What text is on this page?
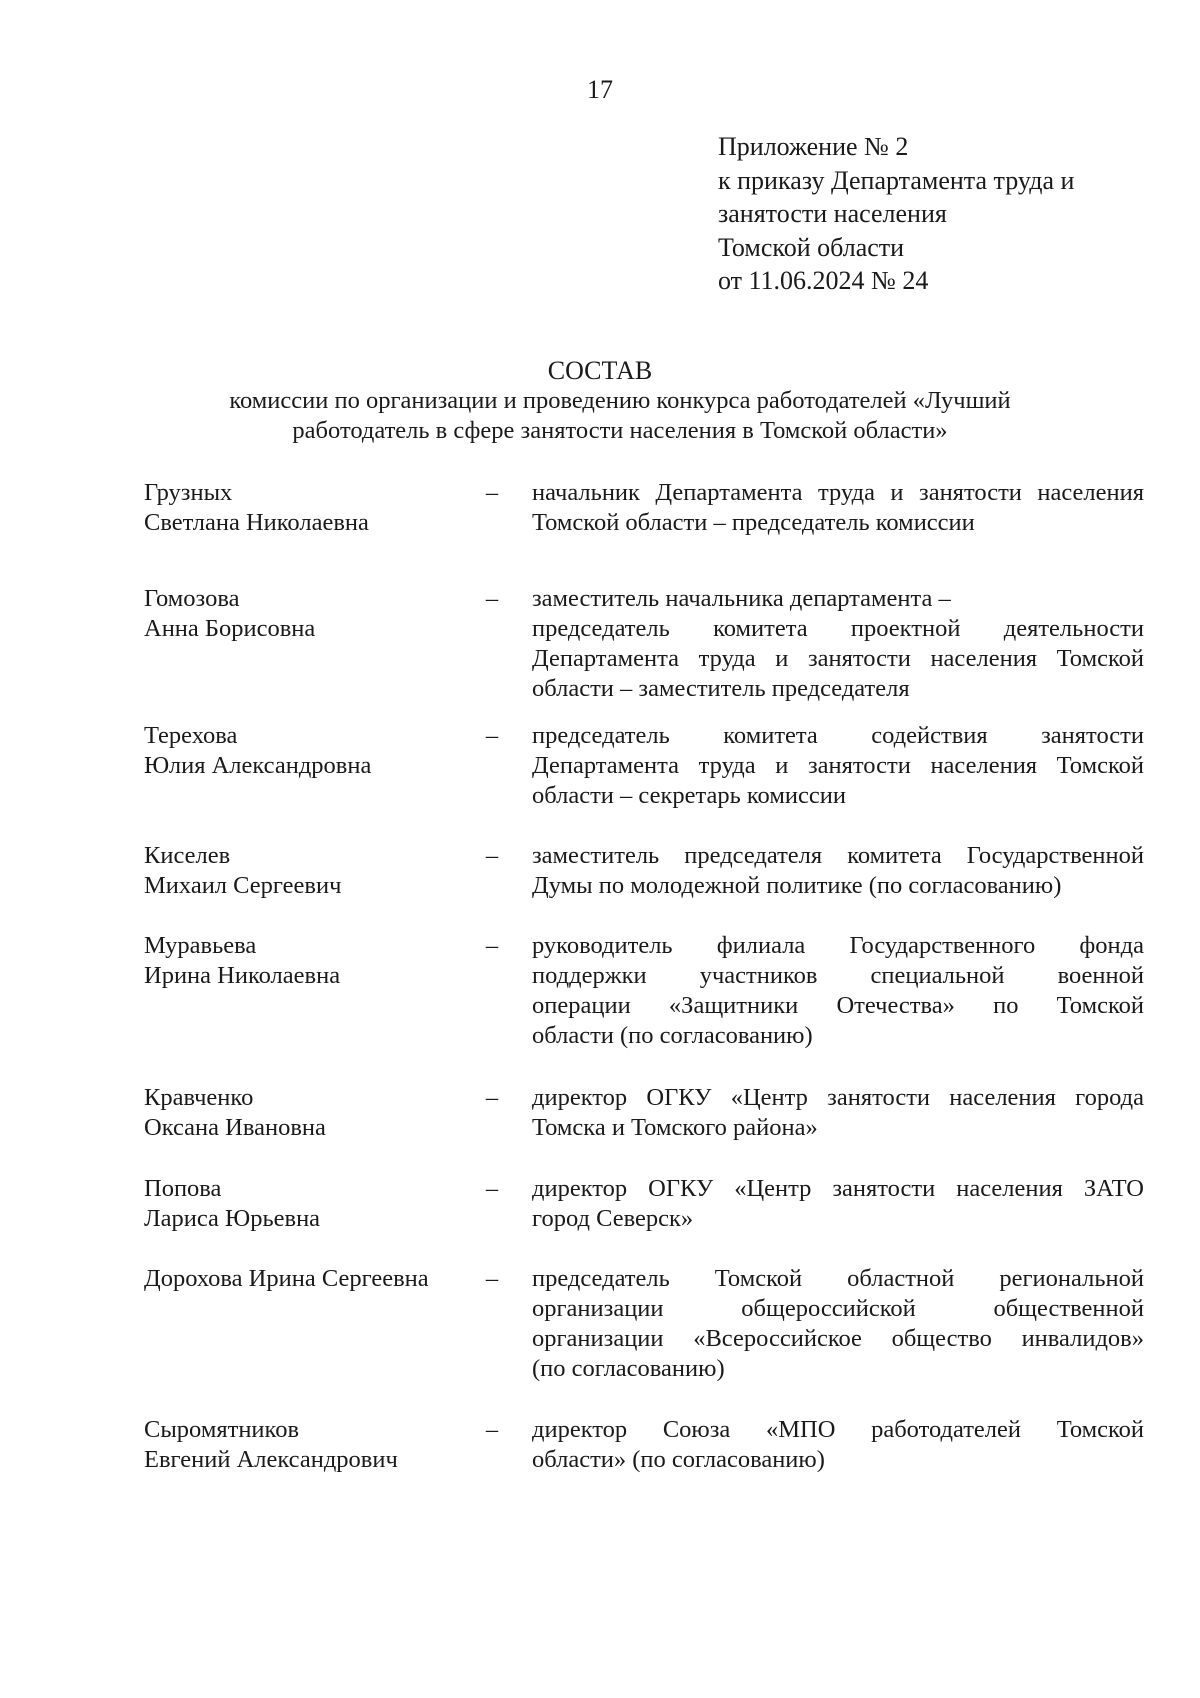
17
Приложение № 2
к приказу Департамента труда и
занятости населения
Томской области
от 11.06.2024 № 24
СОСТАВ
комиссии по организации и проведению конкурса работодателей «Лучший
работодатель в сфере занятости населения в Томской области»
Грузных
Светлана Николаевна
– начальник Департамента труда и занятости населения
Томской области – председатель комиссии
Гомозова
Анна Борисовна
– заместитель начальника департамента –
председатель комитета проектной деятельности
Департамента труда и занятости населения Томской
области – заместитель председателя
Терехова
Юлия Александровна
– председатель комитета содействия занятости
Департамента труда и занятости населения Томской
области – секретарь комиссии
Киселев
Михаил Сергеевич
– заместитель председателя комитета Государственной
Думы по молодежной политике (по согласованию)
Муравьева
Ирина Николаевна
– руководитель филиала Государственного фонда
поддержки участников специальной военной
операции «Защитники Отечества» по Томской
области (по согласованию)
Кравченко
Оксана Ивановна
– директор ОГКУ «Центр занятости населения города
Томска и Томского района»
Попова
Лариса Юрьевна
– директор ОГКУ «Центр занятости населения ЗАТО
город Северск»
Дорохова Ирина Сергеевна	– председатель Томской областной региональной
организации общероссийской общественной
организации «Всероссийское общество инвалидов»
(по согласованию)
Сыромятников
Евгений Александрович
– директор Союза «МПО работодателей Томской
области» (по согласованию)
